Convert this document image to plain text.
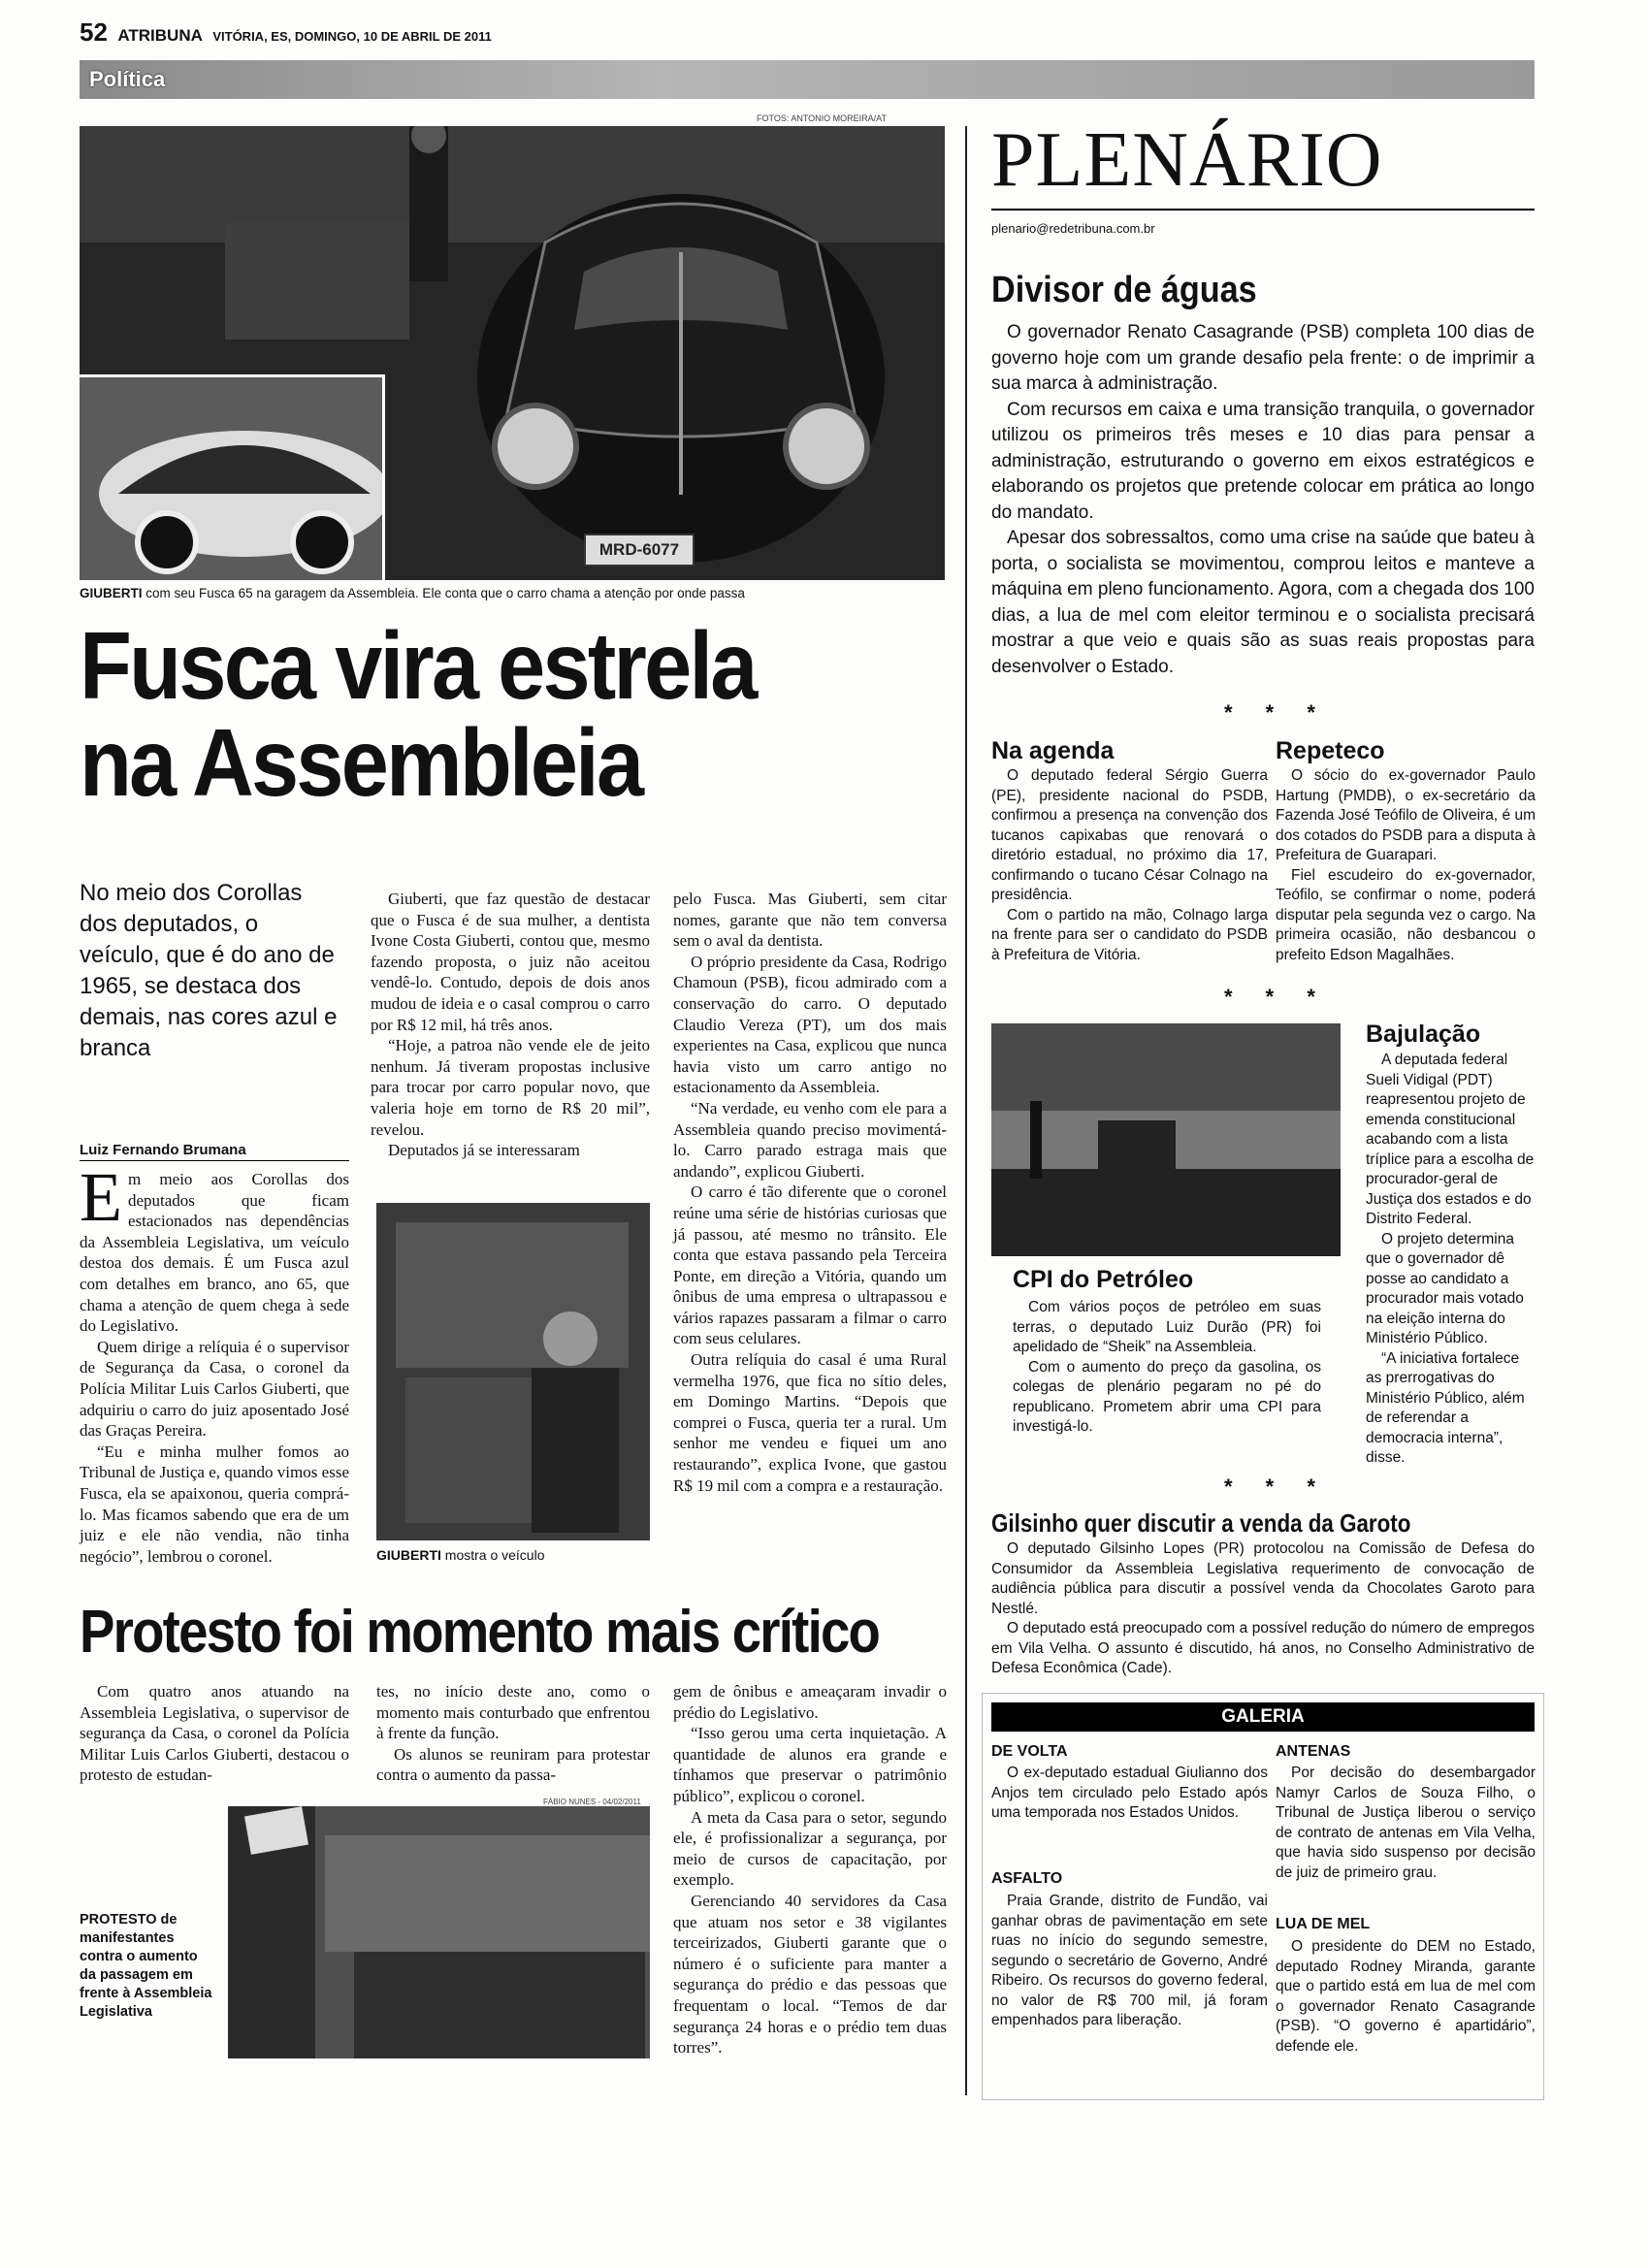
52 ATRIBUNA VITÓRIA, ES, DOMINGO, 10 DE ABRIL DE 2011
Política
MRD-6077
FOTOS: ANTONIO MOREIRA/AT
GIUBERTI com seu Fusca 65 na garagem da Assembleia. Ele conta que o carro chama a atenção por onde passa
Fusca vira estrela
na Assembleia
No meio dos Corollas dos deputados, o veículo, que é do ano de 1965, se destaca dos demais, nas cores azul e branca
Luiz Fernando Brumana

Em meio aos Corollas dos deputados que ficam estacionados nas dependências da Assembleia Legislativa, um veículo destoa dos demais. É um Fusca azul com detalhes em branco, ano 65, que chama a atenção de quem chega à sede do Legislativo.

Quem dirige a relíquia é o supervisor de Segurança da Casa, o coronel da Polícia Militar Luis Carlos Giuberti, que adquiriu o carro do juiz aposentado José das Graças Pereira.

“Eu e minha mulher fomos ao Tribunal de Justiça e, quando vimos esse Fusca, ela se apaixonou, queria comprá-lo. Mas ficamos sabendo que era de um juiz e ele não vendia, não tinha negócio”, lembrou o coronel.

Giuberti, que faz questão de destacar que o Fusca é de sua mulher, a dentista Ivone Costa Giuberti, contou que, mesmo fazendo proposta, o juiz não aceitou vendê-lo. Contudo, depois de dois anos mudou de ideia e o casal comprou o carro por R$ 12 mil, há três anos.

“Hoje, a patroa não vende ele de jeito nenhum. Já tiveram propostas inclusive para trocar por carro popular novo, que valeria hoje em torno de R$ 20 mil”, revelou.

Deputados já se interessaram

GIUBERTI mostra o veículo

pelo Fusca. Mas Giuberti, sem citar nomes, garante que não tem conversa sem o aval da dentista.

O próprio presidente da Casa, Rodrigo Chamoun (PSB), ficou admirado com a conservação do carro. O deputado Claudio Vereza (PT), um dos mais experientes na Casa, explicou que nunca havia visto um carro antigo no estacionamento da Assembleia.

“Na verdade, eu venho com ele para a Assembleia quando preciso movimentá-lo. Carro parado estraga mais que andando”, explicou Giuberti.

O carro é tão diferente que o coronel reúne uma série de histórias curiosas que já passou, até mesmo no trânsito. Ele conta que estava passando pela Terceira Ponte, em direção a Vitória, quando um ônibus de uma empresa o ultrapassou e vários rapazes passaram a filmar o carro com seus celulares.

Outra relíquia do casal é uma Rural vermelha 1976, que fica no sítio deles, em Domingo Martins. “Depois que comprei o Fusca, queria ter a rural. Um senhor me vendeu e fiquei um ano restaurando”, explica Ivone, que gastou R$ 19 mil com a compra e a restauração.

Protesto foi momento mais crítico

Com quatro anos atuando na Assembleia Legislativa, o supervisor de segurança da Casa, o coronel da Polícia Militar Luis Carlos Giuberti, destacou o protesto de estudan-

tes, no início deste ano, como o momento mais conturbado que enfrentou à frente da função.

Os alunos se reuniram para protestar contra o aumento da passa-

FÁBIO NUNES - 04/02/2011
PROTESTO de manifestantes contra o aumento da passagem em frente à Assembleia Legislativa

gem de ônibus e ameaçaram invadir o prédio do Legislativo.

“Isso gerou uma certa inquietação. A quantidade de alunos era grande e tínhamos que preservar o patrimônio público”, explicou o coronel.

A meta da Casa para o setor, segundo ele, é profissionalizar a segurança, por meio de cursos de capacitação, por exemplo.

Gerenciando 40 servidores da Casa que atuam nos setor e 38 vigilantes terceirizados, Giuberti garante que o número é o suficiente para manter a segurança do prédio e das pessoas que frequentam o local. “Temos de dar segurança 24 horas e o prédio tem duas torres”.

PLENÁRIO
plenario@redetribuna.com.br
Divisor de águas

O governador Renato Casagrande (PSB) completa 100 dias de governo hoje com um grande desafio pela frente: o de imprimir a sua marca à administração.

Com recursos em caixa e uma transição tranquila, o governador utilizou os primeiros três meses e 10 dias para pensar a administração, estruturando o governo em eixos estratégicos e elaborando os projetos que pretende colocar em prática ao longo do mandato.

Apesar dos sobressaltos, como uma crise na saúde que bateu à porta, o socialista se movimentou, comprou leitos e manteve a máquina em pleno funcionamento. Agora, com a chegada dos 100 dias, a lua de mel com eleitor terminou e o socialista precisará mostrar a que veio e quais são as suas reais propostas para desenvolver o Estado.

* * *
Na agenda

O deputado federal Sérgio Guerra (PE), presidente nacional do PSDB, confirmou a presença na convenção dos tucanos capixabas que renovará o diretório estadual, no próximo dia 17, confirmando o tucano César Colnago na presidência.

Com o partido na mão, Colnago larga na frente para ser o candidato do PSDB à Prefeitura de Vitória.

Repeteco

O sócio do ex-governador Paulo Hartung (PMDB), o ex-secretário da Fazenda José Teófilo de Oliveira, é um dos cotados do PSDB para a disputa à Prefeitura de Guarapari.

Fiel escudeiro do ex-governador, Teófilo, se confirmar o nome, poderá disputar pela segunda vez o cargo. Na primeira ocasião, não desbancou o prefeito Edson Magalhães.

* * *
CPI do Petróleo

Com vários poços de petróleo em suas terras, o deputado Luiz Durão (PR) foi apelidado de “Sheik” na Assembleia.

Com o aumento do preço da gasolina, os colegas de plenário pegaram no pé do republicano. Prometem abrir uma CPI para investigá-lo.

Bajulação

A deputada federal Sueli Vidigal (PDT) reapresentou projeto de emenda constitucional acabando com a lista tríplice para a escolha de procurador-geral de Justiça dos estados e do Distrito Federal.

O projeto determina que o governador dê posse ao candidato a procurador mais votado na eleição interna do Ministério Público.

“A iniciativa fortalece as prerrogativas do Ministério Público, além de referendar a democracia interna”, disse.

* * *
Gilsinho quer discutir a venda da Garoto

O deputado Gilsinho Lopes (PR) protocolou na Comissão de Defesa do Consumidor da Assembleia Legislativa requerimento de convocação de audiência pública para discutir a possível venda da Chocolates Garoto para Nestlé.

O deputado está preocupado com a possível redução do número de empregos em Vila Velha. O assunto é discutido, há anos, no Conselho Administrativo de Defesa Econômica (Cade).

GALERIA
DE VOLTA
O ex-deputado estadual Giulianno dos Anjos tem circulado pelo Estado após uma temporada nos Estados Unidos.
ASFALTO
Praia Grande, distrito de Fundão, vai ganhar obras de pavimentação em sete ruas no início do segundo semestre, segundo o secretário de Governo, André Ribeiro. Os recursos do governo federal, no valor de R$ 700 mil, já foram empenhados para liberação.
ANTENAS
Por decisão do desembargador Namyr Carlos de Souza Filho, o Tribunal de Justiça liberou o serviço de contrato de antenas em Vila Velha, que havia sido suspenso por decisão de juiz de primeiro grau.
LUA DE MEL
O presidente do DEM no Estado, deputado Rodney Miranda, garante que o partido está em lua de mel com o governador Renato Casagrande (PSB). “O governo é apartidário”, defende ele.
